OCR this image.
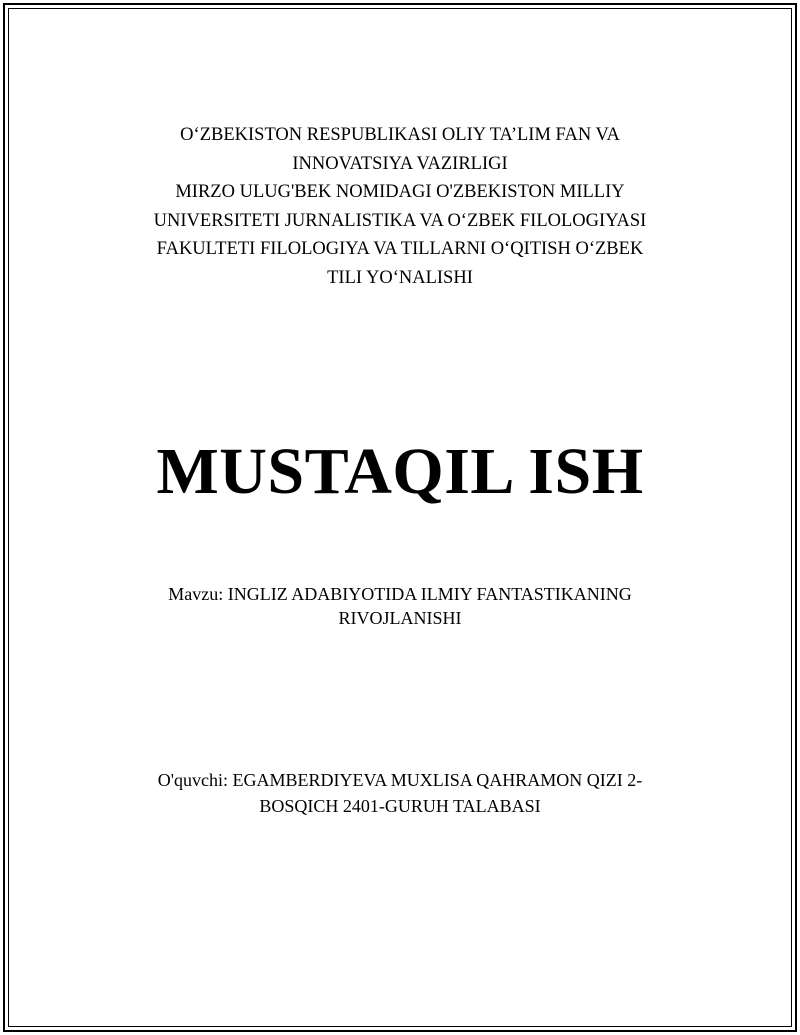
O‘ZBEKISTON RESPUBLIKASI OLIY TA’LIM FAN VA

INNOVATSIYA VAZIRLIGI

MIRZO ULUG'BEK NOMIDAGI O'ZBEKISTON MILLIY

UNIVERSITETI JURNALISTIKA VA O‘ZBEK FILOLOGIYASI

FAKULTETI FILOLOGIYA VA TILLARNI O‘QITISH O‘ZBEK

TILI YO‘NALISHI

MUSTAQIL ISH
Mavzu: INGLIZ ADABIYOTIDA ILMIY FANTASTIKANING
RIVOJLANISHI
O'quvchi: EGAMBERDIYEVA MUXLISA QAHRAMON QIZI 2-
BOSQICH 2401-GURUH TALABASI
